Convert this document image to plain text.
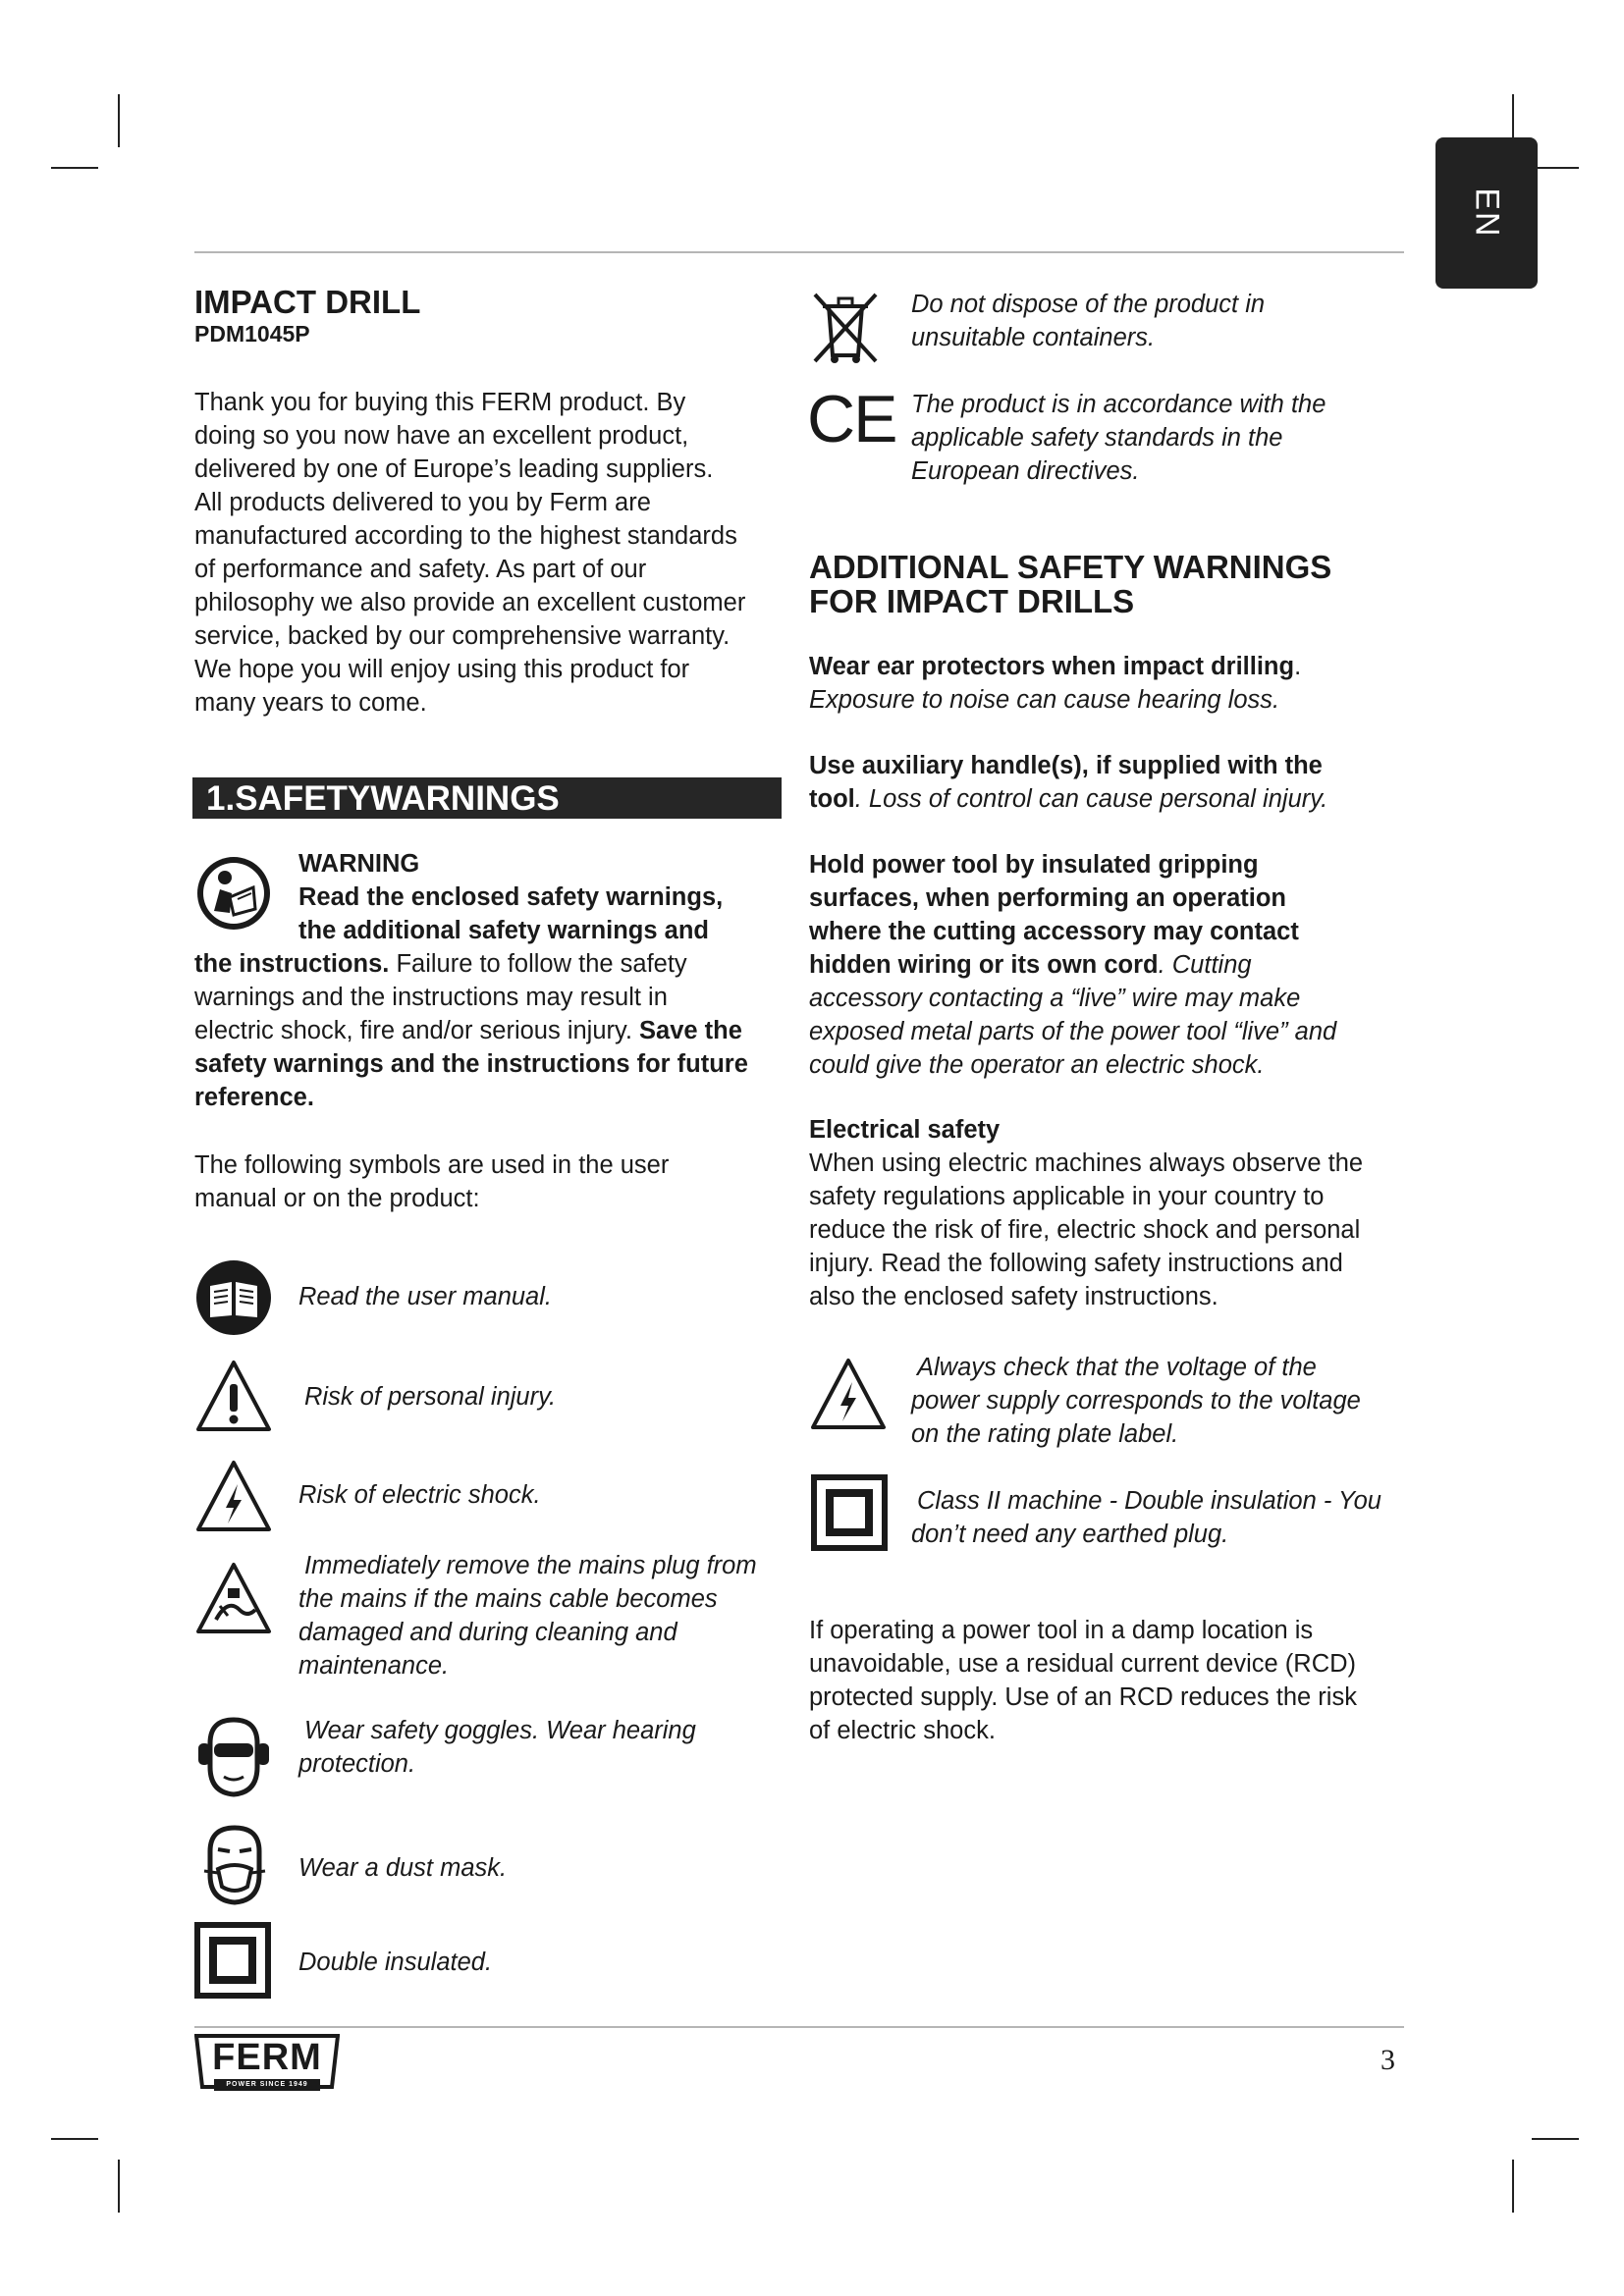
EN

IMPACT DRILL

PDM1045P
Thank you for buying this FERM product. By
doing so you now have an excellent product,
delivered by one of Europe’s leading suppliers.
All products delivered to you by Ferm are
manufactured according to the highest standards
of performance and safety. As part of our
philosophy we also provide an excellent customer
service, backed by our comprehensive warranty.
We hope you will enjoy using this product for
many years to come.
1.SAFETYWARNINGS
WARNING
Read the enclosed safety warnings,
the additional safety warnings and
the instructions. Failure to follow the safety
warnings and the instructions may result in
electric shock, fire and/or serious injury. Save the
safety warnings and the instructions for future
reference.
The following symbols are used in the user
manual or on the product:
Read the user manual.
Risk of personal injury.
Risk of electric shock.
Immediately remove the mains plug from
the mains if the mains cable becomes
damaged and during cleaning and
maintenance.
Wear safety goggles. Wear hearing
protection.
Wear a dust mask.
Double insulated.
Do not dispose of the product in
unsuitable containers.
CE The product is in accordance with the
applicable safety standards in the
European directives.

ADDITIONAL SAFETY WARNINGS

FOR IMPACT DRILLS

Wear ear protectors when impact drilling.
Exposure to noise can cause hearing loss.
Use auxiliary handle(s), if supplied with the
tool. Loss of control can cause personal injury.
Hold power tool by insulated gripping
surfaces, when performing an operation
where the cutting accessory may contact
hidden wiring or its own cord. Cutting
accessory contacting a “live” wire may make
exposed metal parts of the power tool “live” and
could give the operator an electric shock.
Electrical safety
When using electric machines always observe the
safety regulations applicable in your country to
reduce the risk of fire, electric shock and personal
injury. Read the following safety instructions and
also the enclosed safety instructions.
Always check that the voltage of the
power supply corresponds to the voltage
on the rating plate label.
Class II machine - Double insulation - You
don’t need any earthed plug.
If operating a power tool in a damp location is
unavoidable, use a residual current device (RCD)
protected supply. Use of an RCD reduces the risk
of electric shock.
FERM
POWER SINCE 1949
3
